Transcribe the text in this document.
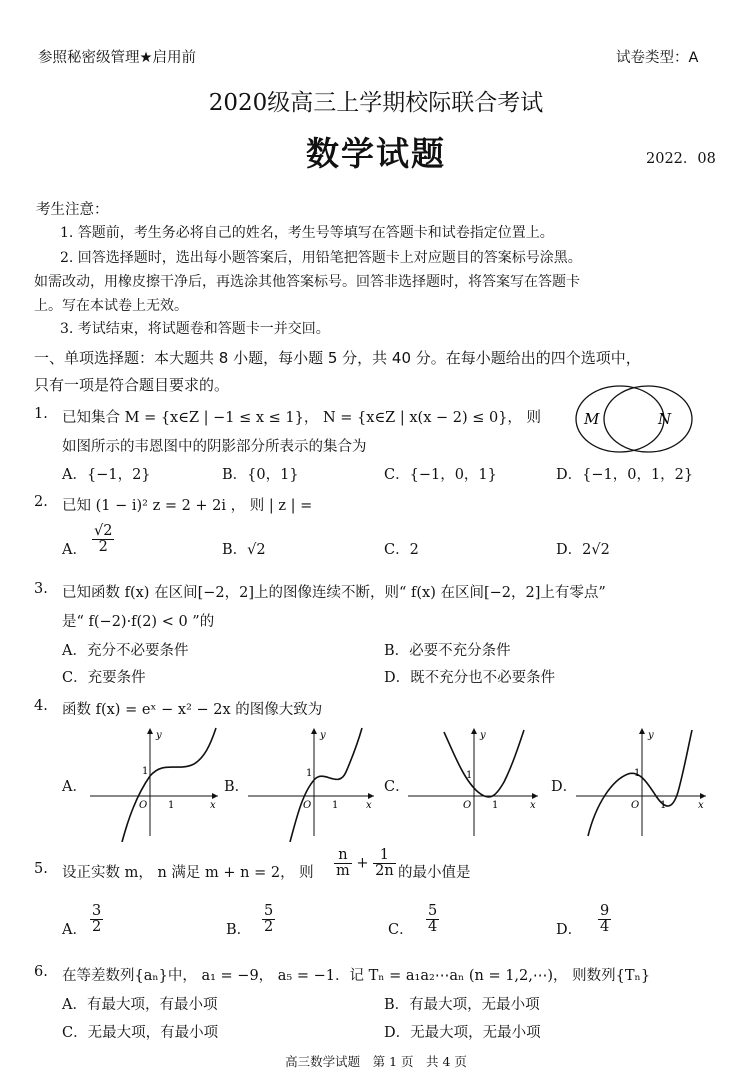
参照秘密级管理★启用前	试卷类型：A
2020级高三上学期校际联合考试
数学试题	2022．08
考生注意：
1. 答题前，考生务必将自己的姓名，考生号等填写在答题卡和试卷指定位置上。
2. 回答选择题时，选出每小题答案后，用铅笔把答题卡上对应题目的答案标号涂黑。
如需改动，用橡皮擦干净后，再选涂其他答案标号。回答非选择题时，将答案写在答题卡
上。写在本试卷上无效。
3. 考试结束，将试题卷和答题卡一并交回。
一、单项选择题：本大题共 8 小题，每小题 5 分，共 40 分。在每小题给出的四个选项中，
只有一项是符合题目要求的。
1. 已知集合 M = {x∈Z | −1 ≤ x ≤ 1}， N = {x∈Z | x(x − 2) ≤ 0}， 则
如图所示的韦恩图中的阴影部分所表示的集合为
M	N
A．{−1，2}	B．{0，1}	C．{−1，0，1}	D．{−1，0，1，2}
2. 已知 (1 − i)² z = 2 + 2i ， 则 | z | =
A． $\frac{√2}{2}$	B．√2	C．2	D．2√2
3. 已知函数 f(x) 在区间[−2，2]上的图像连续不断，则“ f(x) 在区间[−2，2]上有零点”
是“ f(−2)·f(2) < 0 ”的
A．充分不必要条件	B．必要不充分条件
C．充要条件	D．既不充分也不必要条件
4. 函数 f(x) = eˣ − x² − 2x 的图像大致为
A．	B．	C．	D．
y
x
O
1
1
y
x
O
1
1
y
x
O
1
1
y
x
O
1
1
5. 设正实数 m， n 满足 m + n = 2， 则 $\frac{n}{m} + \frac{1}{2n}$ 的最小值是
A． $\frac{3}{2}$	B． $\frac{5}{2}$	C． $\frac{5}{4}$	D． $\frac{9}{4}$
6. 在等差数列{aₙ}中， a₁ = −9， a₅ = −1．记 Tₙ = a₁a₂⋯aₙ (n = 1,2,⋯)， 则数列{Tₙ}
A．有最大项，有最小项	B．有最大项，无最小项
C．无最大项，有最小项	D．无最大项，无最小项
高三数学试题　第 1 页　共 4 页
